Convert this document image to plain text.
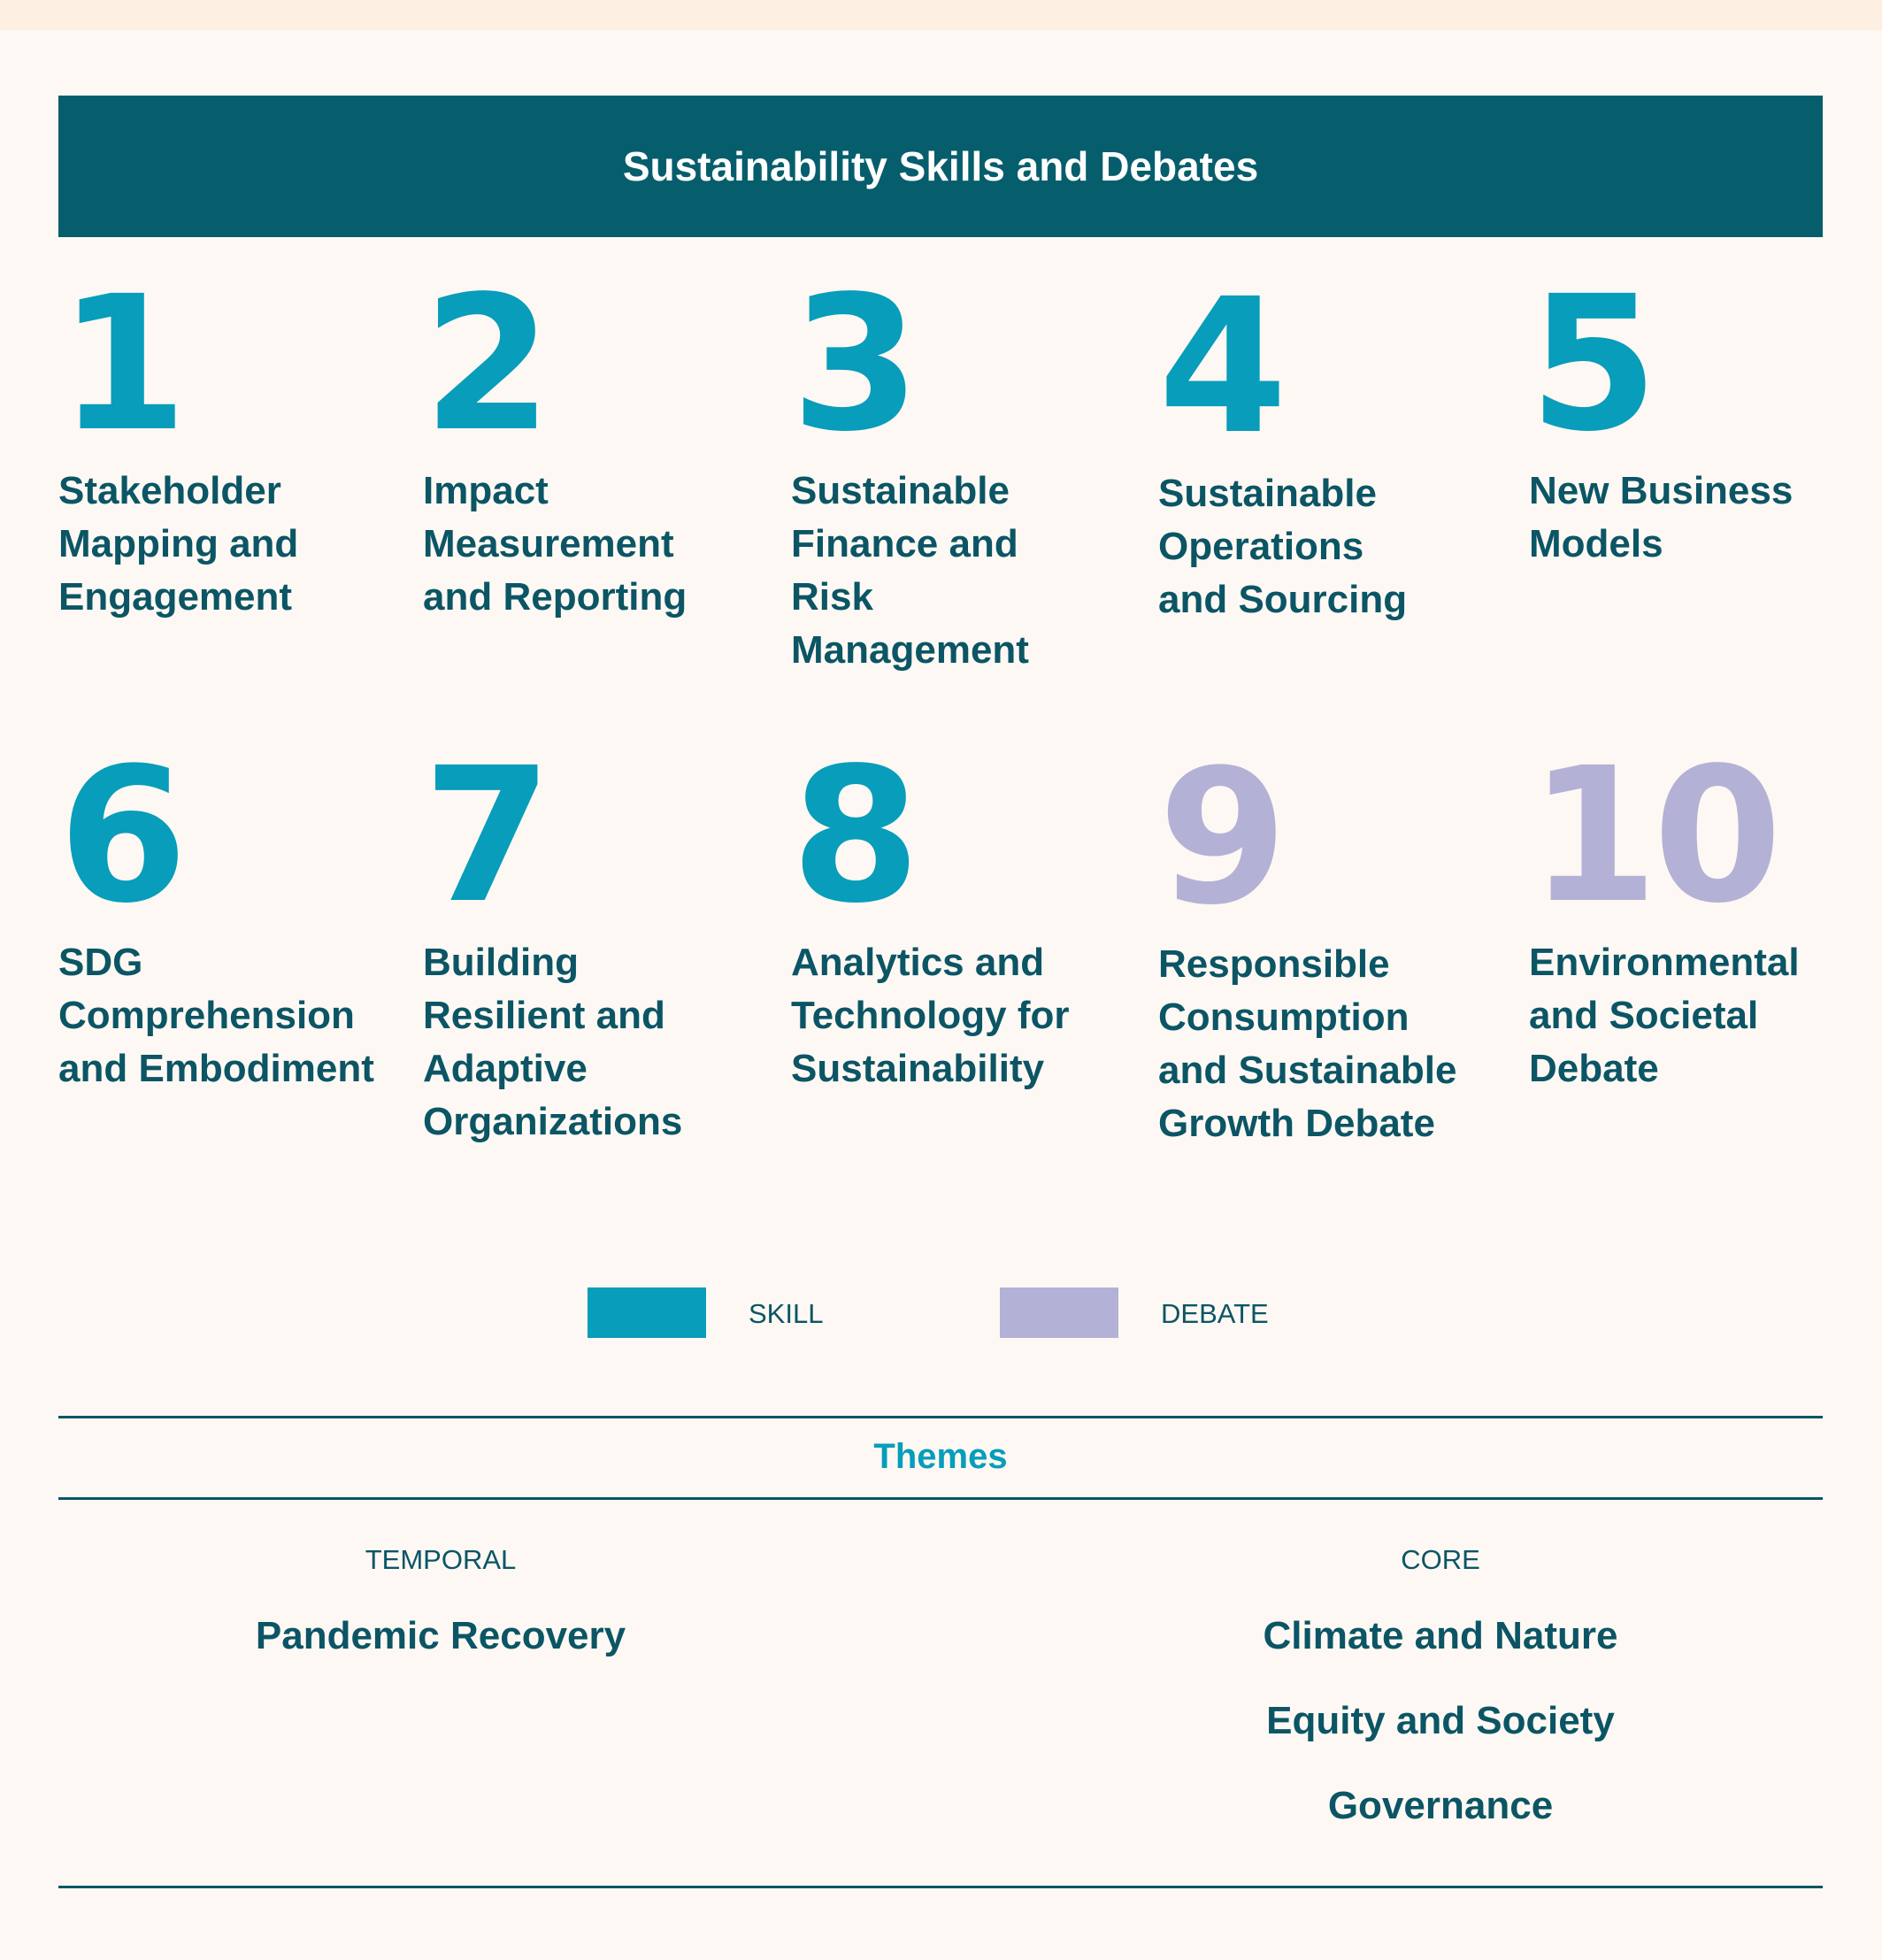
Sustainability Skills and Debates
1
Stakeholder Mapping and Engagement
2
Impact Measurement and Reporting
3
Sustainable Finance and Risk Management
4
Sustainable Operations and Sourcing
5
New Business Models
6
SDG Comprehension and Embodiment
7
Building Resilient and Adaptive Organizations
8
Analytics and Technology for Sustainability
9
Responsible Consumption and Sustainable Growth Debate
10
Environmental and Societal Debate
SKILL	DEBATE
Themes
TEMPORAL
Pandemic Recovery
CORE
Climate and Nature
Equity and Society
Governance
